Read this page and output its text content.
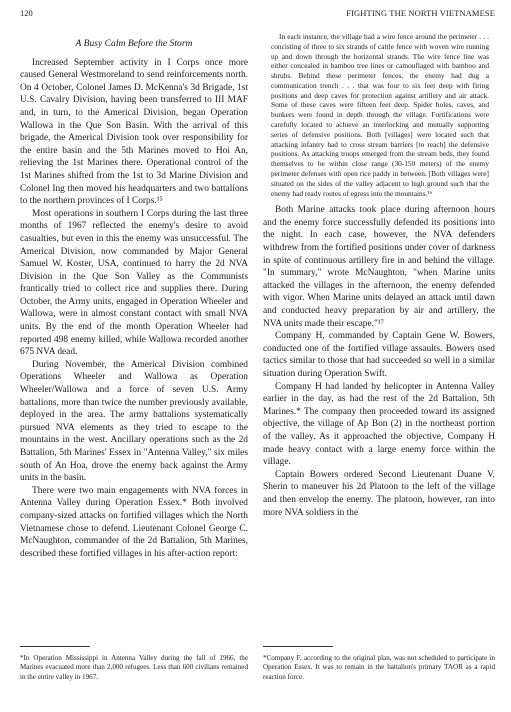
120	FIGHTING THE NORTH VIETNAMESE
A Busy Calm Before the Storm

Increased September activity in I Corps once more caused General Westmoreland to send reinforcements north. On 4 October, Colonel James D. McKenna's 3d Brigade, 1st U.S. Cavalry Division, having been transferred to III MAF and, in turn, to the Americal Division, began Operation Wallowa in the Que Son Basin. With the arrival of this brigade, the Americal Division took over responsibility for the entire basin and the 5th Marines moved to Hoi An, relieving the 1st Marines there. Operational control of the 1st Marines shifted from the 1st to 3d Marine Division and Colonel Ing then moved his headquarters and two battalions to the northern provinces of I Corps.¹⁵

Most operations in southern I Corps during the last three months of 1967 reflected the enemy's desire to avoid casualties, but even in this the enemy was unsuccessful. The Americal Division, now commanded by Major General Samuel W. Koster, USA, continued to harry the 2d NVA Division in the Que Son Valley as the Communists frantically tried to collect rice and supplies there. During October, the Army units, engaged in Operation Wheeler and Wallowa, were in almost constant contact with small NVA units. By the end of the month Operation Wheeler had reported 498 enemy killed, while Wallowa recorded another 675 NVA dead.

During November, the Americal Division combined Operations Wheeler and Wallowa as Operation Wheeler/Wallowa and a force of seven U.S. Army battalions, more than twice the number previously available, deployed in the area. The army battalions systematically pursued NVA elements as they tried to escape to the mountains in the west. Ancillary operations such as the 2d Battalion, 5th Marines' Essex in "Antenna Valley," six miles south of An Hoa, drove the enemy back against the Army units in the basin.

There were two main engagements with NVA forces in Antenna Valley during Operation Essex.* Both involved company-sized attacks on fortified villages which the North Vietnamese chose to defend. Lieutenant Colonel George C. McNaughton, commander of the 2d Battalion, 5th Marines, described these fortified villages in his after-action report:

In each instance, the village had a wire fence around the perimeter . . . concisting of three to six strands of cattle fence with woven wire running up and down through the horizontal strands. The wire fence line was either concealed in bamboo tree lines or camouflaged with bamboo and shrubs. Behind these perimeter fences, the enemy had dug a communication trench . . . that was four to six feet deep with firing positions and deep caves for protection against artillery and air attack. Some of these caves were fifteen feet deep. Spider holes, caves, and bunkers were found in depth through the village. Fortifications were carefully located to achieve an interlocking and mutually supporting series of defensive positions. Both [villages] were located such that attacking infantry had to cross stream barriers [to reach] the defensive positions. As attacking troops emerged from the stream beds, they found themselves to be within close range (30-150 meters) of the enemy perimeter defenses with open rice paddy in between. [Both villages were] situated on the sides of the valley adjacent to high ground such that the enemy had ready routes of egress into the mountains.¹⁶

Both Marine attacks took place during afternoon hours and the enemy force successfully defended its positions into the night. In each case, however, the NVA defenders withdrew from the fortified positions under cover of darkness in spite of continuous artillery fire in and behind the village. "In summary," wrote McNaughton, "when Marine units attacked the villages in the afternoon, the enemy defended with vigor. When Marine units delayed an attack until dawn and conducted heavy preparation by air and artillery, the NVA units made their escape."¹⁷

Company H, commanded by Captain Gene W. Bowers, conducted one of the fortified village assaults. Bowers used tactics similar to those that had succeeded so well in a similar situation during Operation Swift.

Company H had landed by helicopter in Antenna Valley earlier in the day, as had the rest of the 2d Battalion, 5th Marines.* The company then proceeded toward its assigned objective, the village of Ap Bon (2) in the northeast portion of the valley. As it approached the objective, Company H made heavy contact with a large enemy force within the village.

Captain Bowers ordered Second Lieutenant Duane V. Sherin to maneuver his 2d Platoon to the left of the village and then envelop the enemy. The platoon, however, ran into more NVA soldiers in the

*In Operation Mississippi in Antenna Valley during the fall of 1966, the Marines evacuated more than 2,000 refugees. Less than 600 civilians remained in the entire valley in 1967.
*Company F, according to the original plan, was not scheduled to participate in Operation Essex. It was to remain in the battalion's primary TAOR as a rapid reaction force.
